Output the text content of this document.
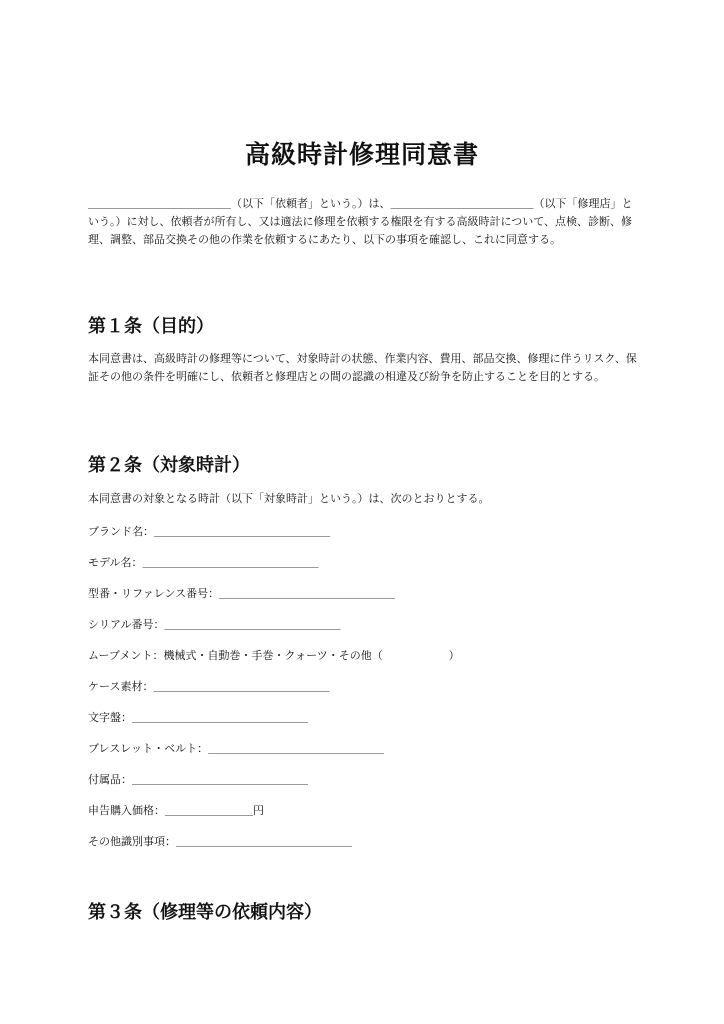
高級時計修理同意書

＿＿＿＿＿＿＿＿＿＿＿＿＿（以下「依頼者」という。）は、＿＿＿＿＿＿＿＿＿＿＿＿＿（以下「修理店」という。）に対し、依頼者が所有し、又は適法に修理を依頼する権限を有する高級時計について、点検、診断、修理、調整、部品交換その他の作業を依頼するにあたり、以下の事項を確認し、これに同意する。

第１条（目的）

本同意書は、高級時計の修理等について、対象時計の状態、作業内容、費用、部品交換、修理に伴うリスク、保証その他の条件を明確にし、依頼者と修理店との間の認識の相違及び紛争を防止することを目的とする。

第２条（対象時計）

本同意書の対象となる時計（以下「対象時計」という。）は、次のとおりとする。

ブランド名：＿＿＿＿＿＿＿＿＿＿＿＿＿＿＿＿

モデル名：＿＿＿＿＿＿＿＿＿＿＿＿＿＿＿＿

型番・リファレンス番号：＿＿＿＿＿＿＿＿＿＿＿＿＿＿＿＿

シリアル番号：＿＿＿＿＿＿＿＿＿＿＿＿＿＿＿＿

ムーブメント：機械式・自動巻・手巻・クォーツ・その他（　　　　　　）

ケース素材：＿＿＿＿＿＿＿＿＿＿＿＿＿＿＿＿

文字盤：＿＿＿＿＿＿＿＿＿＿＿＿＿＿＿＿

ブレスレット・ベルト：＿＿＿＿＿＿＿＿＿＿＿＿＿＿＿＿

付属品：＿＿＿＿＿＿＿＿＿＿＿＿＿＿＿＿

申告購入価格：＿＿＿＿＿＿＿＿円

その他識別事項：＿＿＿＿＿＿＿＿＿＿＿＿＿＿＿＿

第３条（修理等の依頼内容）
